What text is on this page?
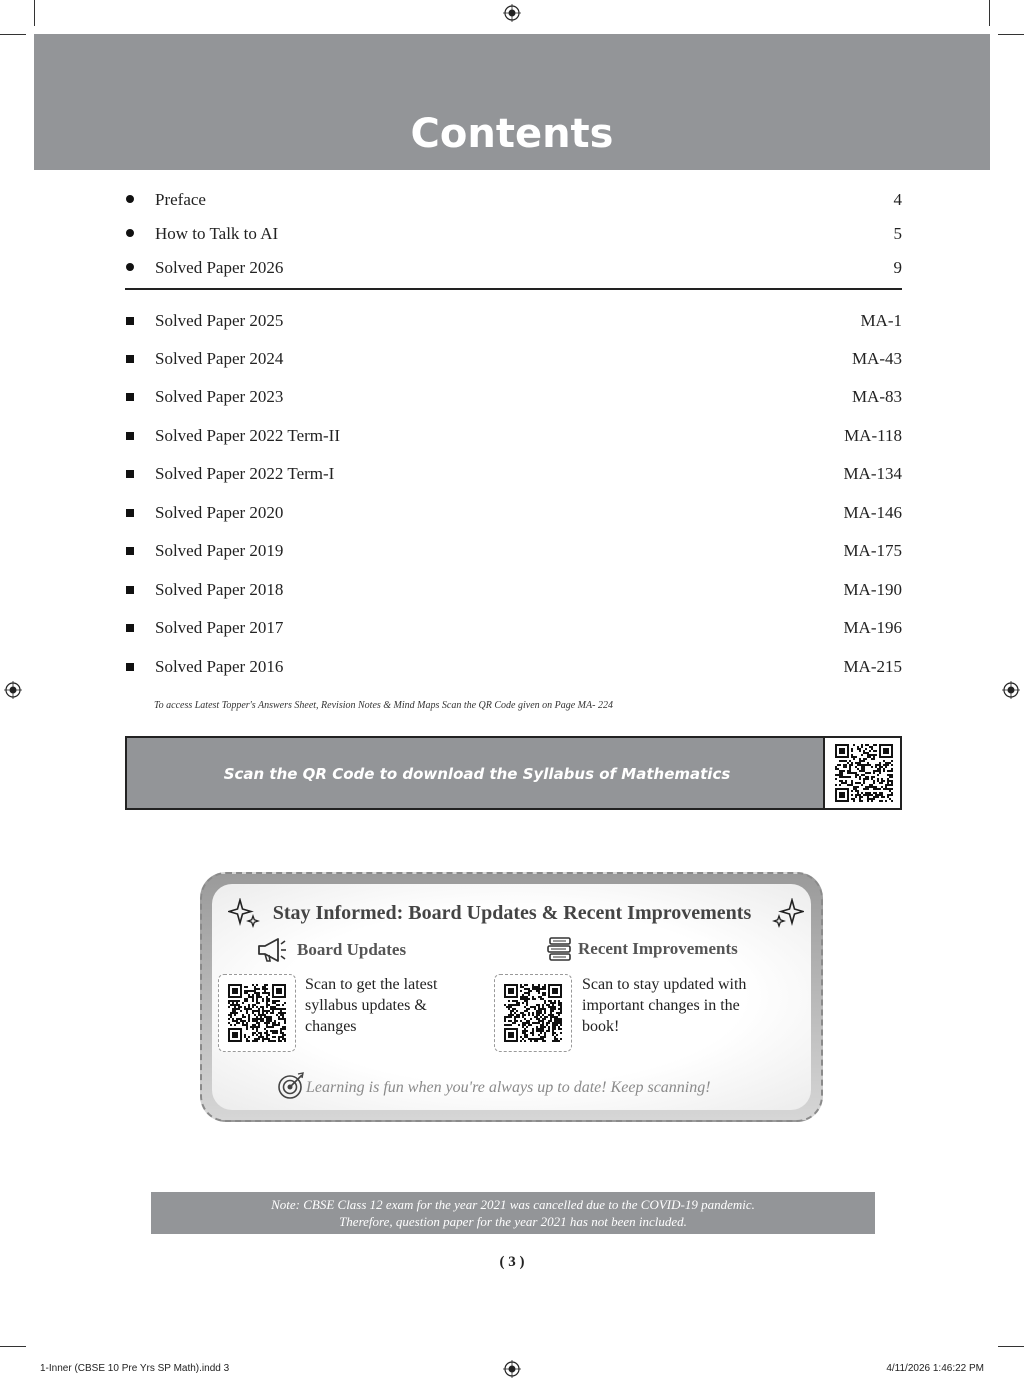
Contents
Preface	4
How to Talk to AI	5
Solved Paper 2026	9
Solved Paper 2025	MA-1
Solved Paper 2024	MA-43
Solved Paper 2023	MA-83
Solved Paper 2022 Term-II	MA-118
Solved Paper 2022 Term-I	MA-134
Solved Paper 2020	MA-146
Solved Paper 2019	MA-175
Solved Paper 2018	MA-190
Solved Paper 2017	MA-196
Solved Paper 2016	MA-215
To access Latest Topper's Answers Sheet, Revision Notes & Mind Maps Scan the QR Code given on Page MA- 224
Scan the QR Code to download the Syllabus of Mathematics
Stay Informed: Board Updates & Recent Improvements
Board Updates
Scan to get the latest syllabus updates & changes
Recent Improvements
Scan to stay updated with important changes in the book!
Learning is fun when you're always up to date! Keep scanning!
Note: CBSE Class 12 exam for the year 2021 was cancelled due to the COVID-19 pandemic.
Therefore, question paper for the year 2021 has not been included.
( 3 )
1-Inner (CBSE 10 Pre Yrs SP Math).indd 3	4/11/2026 1:46:22 PM
